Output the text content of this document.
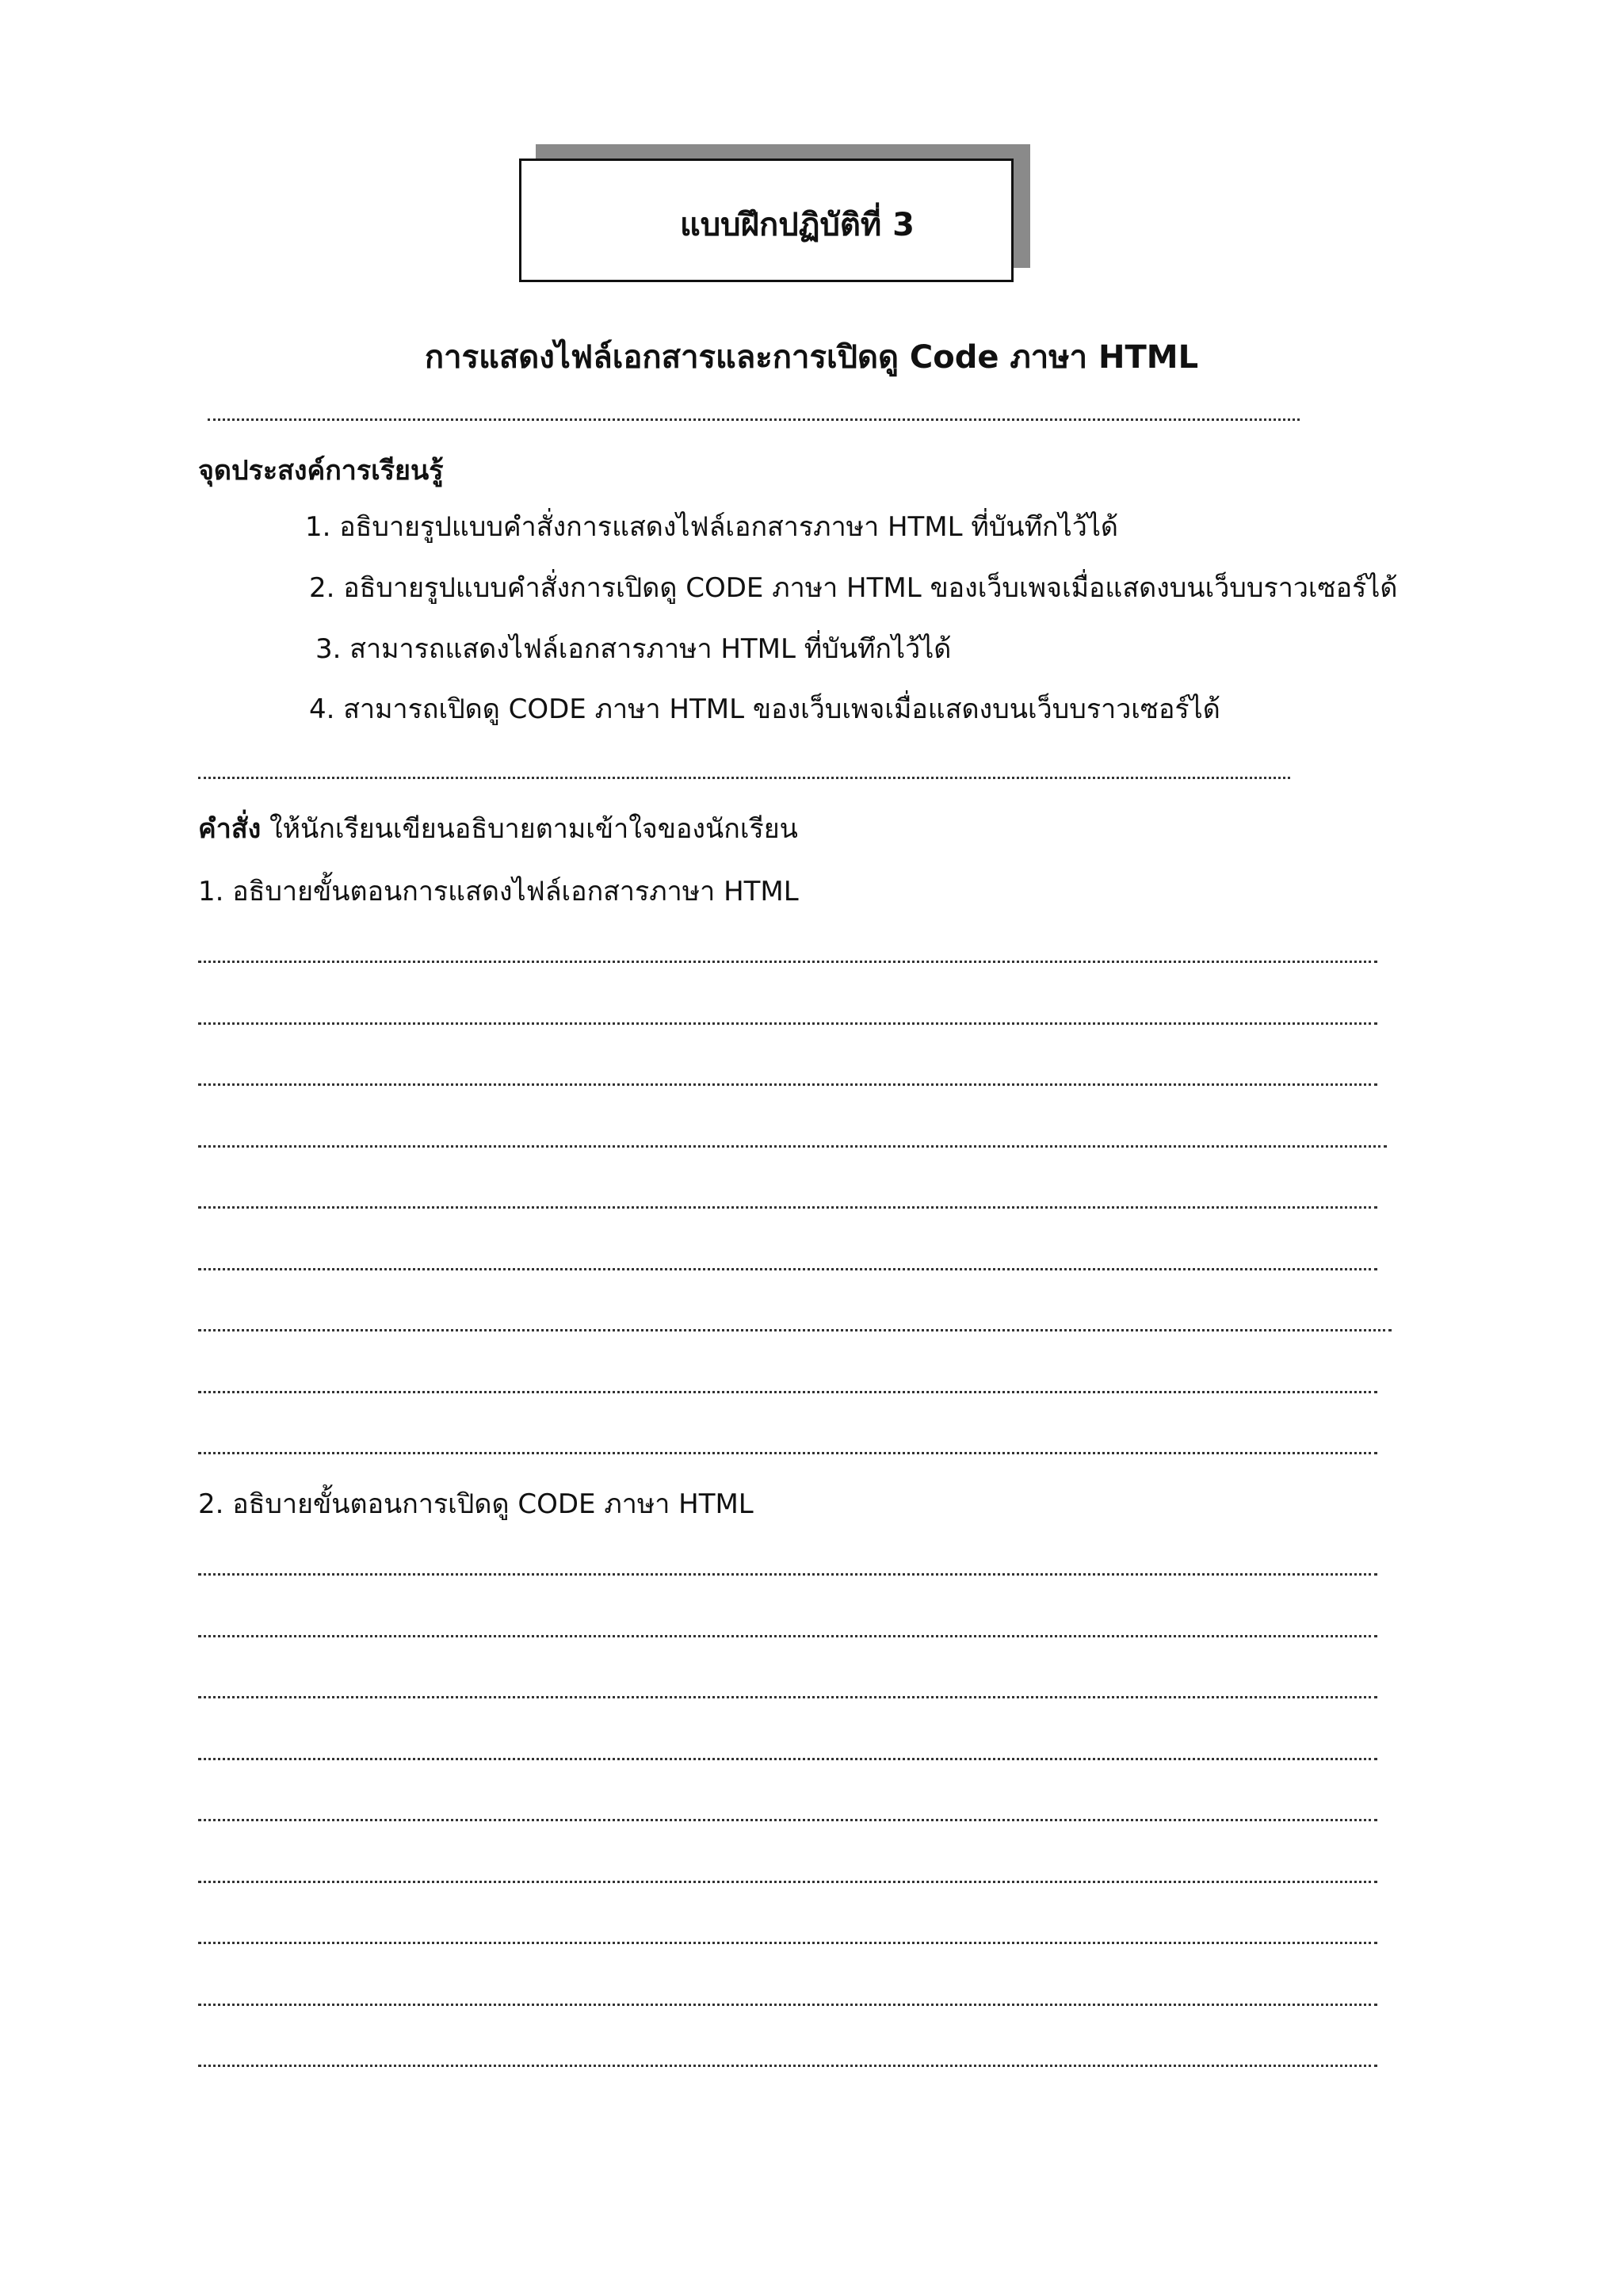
แบบฝึกปฏิบัติที่ 3
การแสดงไฟล์เอกสารและการเปิดดู Code ภาษา HTML
จุดประสงค์การเรียนรู้
1. อธิบายรูปแบบคำสั่งการแสดงไฟล์เอกสารภาษา HTML ที่บันทึกไว้ได้
2. อธิบายรูปแบบคำสั่งการเปิดดู CODE ภาษา HTML ของเว็บเพจเมื่อแสดงบนเว็บบราวเซอร์ได้
3. สามารถแสดงไฟล์เอกสารภาษา HTML ที่บันทึกไว้ได้
4. สามารถเปิดดู CODE ภาษา HTML ของเว็บเพจเมื่อแสดงบนเว็บบราวเซอร์ได้
คำสั่ง ให้นักเรียนเขียนอธิบายตามเข้าใจของนักเรียน
1. อธิบายขั้นตอนการแสดงไฟล์เอกสารภาษา HTML
2. อธิบายขั้นตอนการเปิดดู CODE ภาษา HTML
